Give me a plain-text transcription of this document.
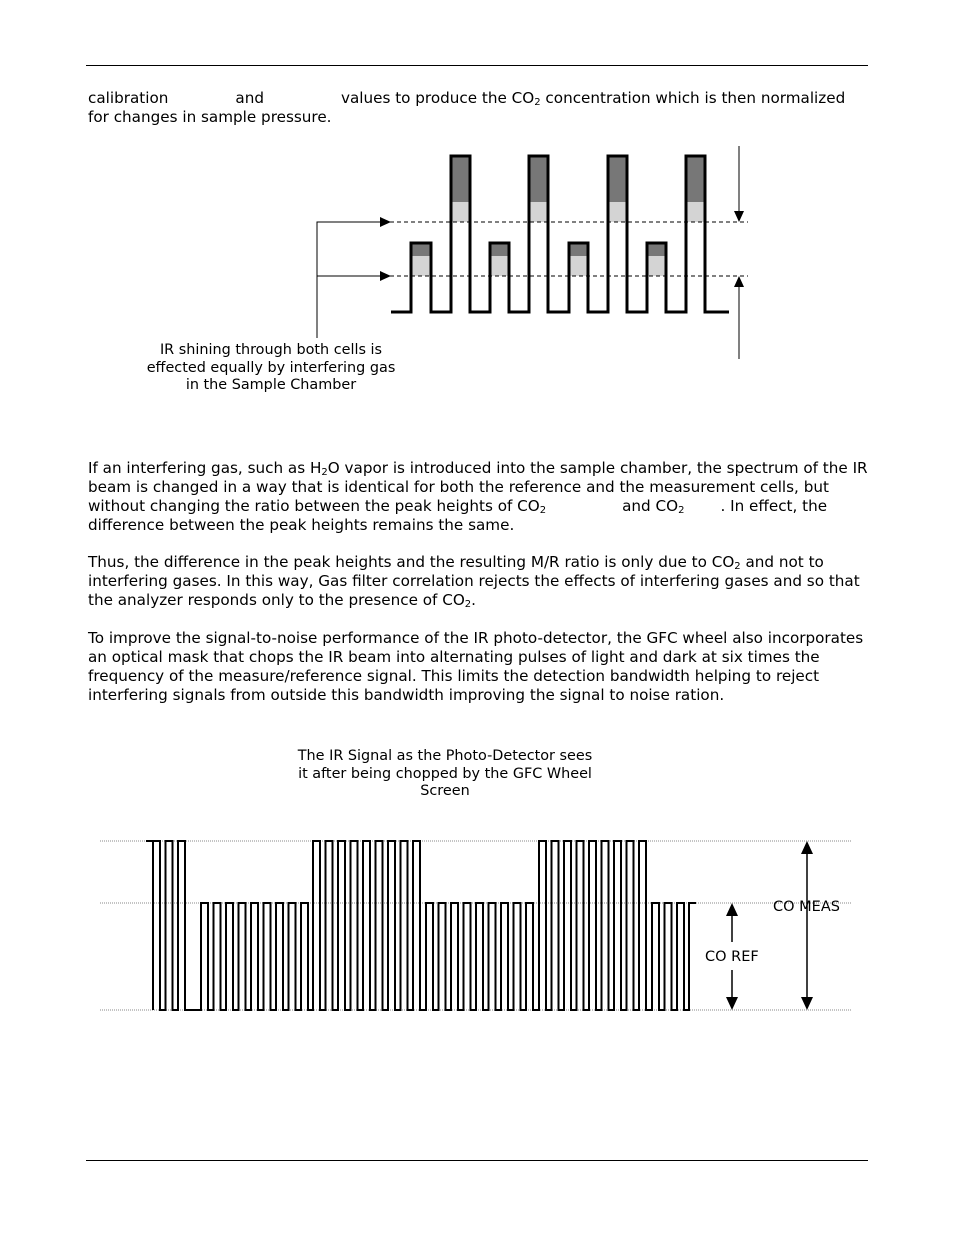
calibration	and	values to produce the $CO_2$ concentration which is then normalized for changes in sample pressure.

CO REF
CO MEAS

IR shining through both cells is effected equally by interfering gas in the Sample Chamber

If an interfering gas, such as $H_2O$ vapor is introduced into the sample chamber, the spectrum of the IR beam is changed in a way that is identical for both the reference and the measurement cells, but without changing the ratio between the peak heights of $CO_2$	and $CO_2$ . In effect, the difference between the peak heights remains the same.

Thus, the difference in the peak heights and the resulting M/R ratio is only due to $CO_2$ and not to interfering gases. In this way, Gas filter correlation rejects the effects of interfering gases and so that the analyzer responds only to the presence of $CO_2$.

To improve the signal-to-noise performance of the IR photo-detector, the GFC wheel also incorporates an optical mask that chops the IR beam into alternating pulses of light and dark at six times the frequency of the measure/reference signal. This limits the detection bandwidth helping to reject interfering signals from outside this bandwidth improving the signal to noise ration.

The IR Signal as the Photo-Detector sees it after being chopped by the GFC Wheel Screen
